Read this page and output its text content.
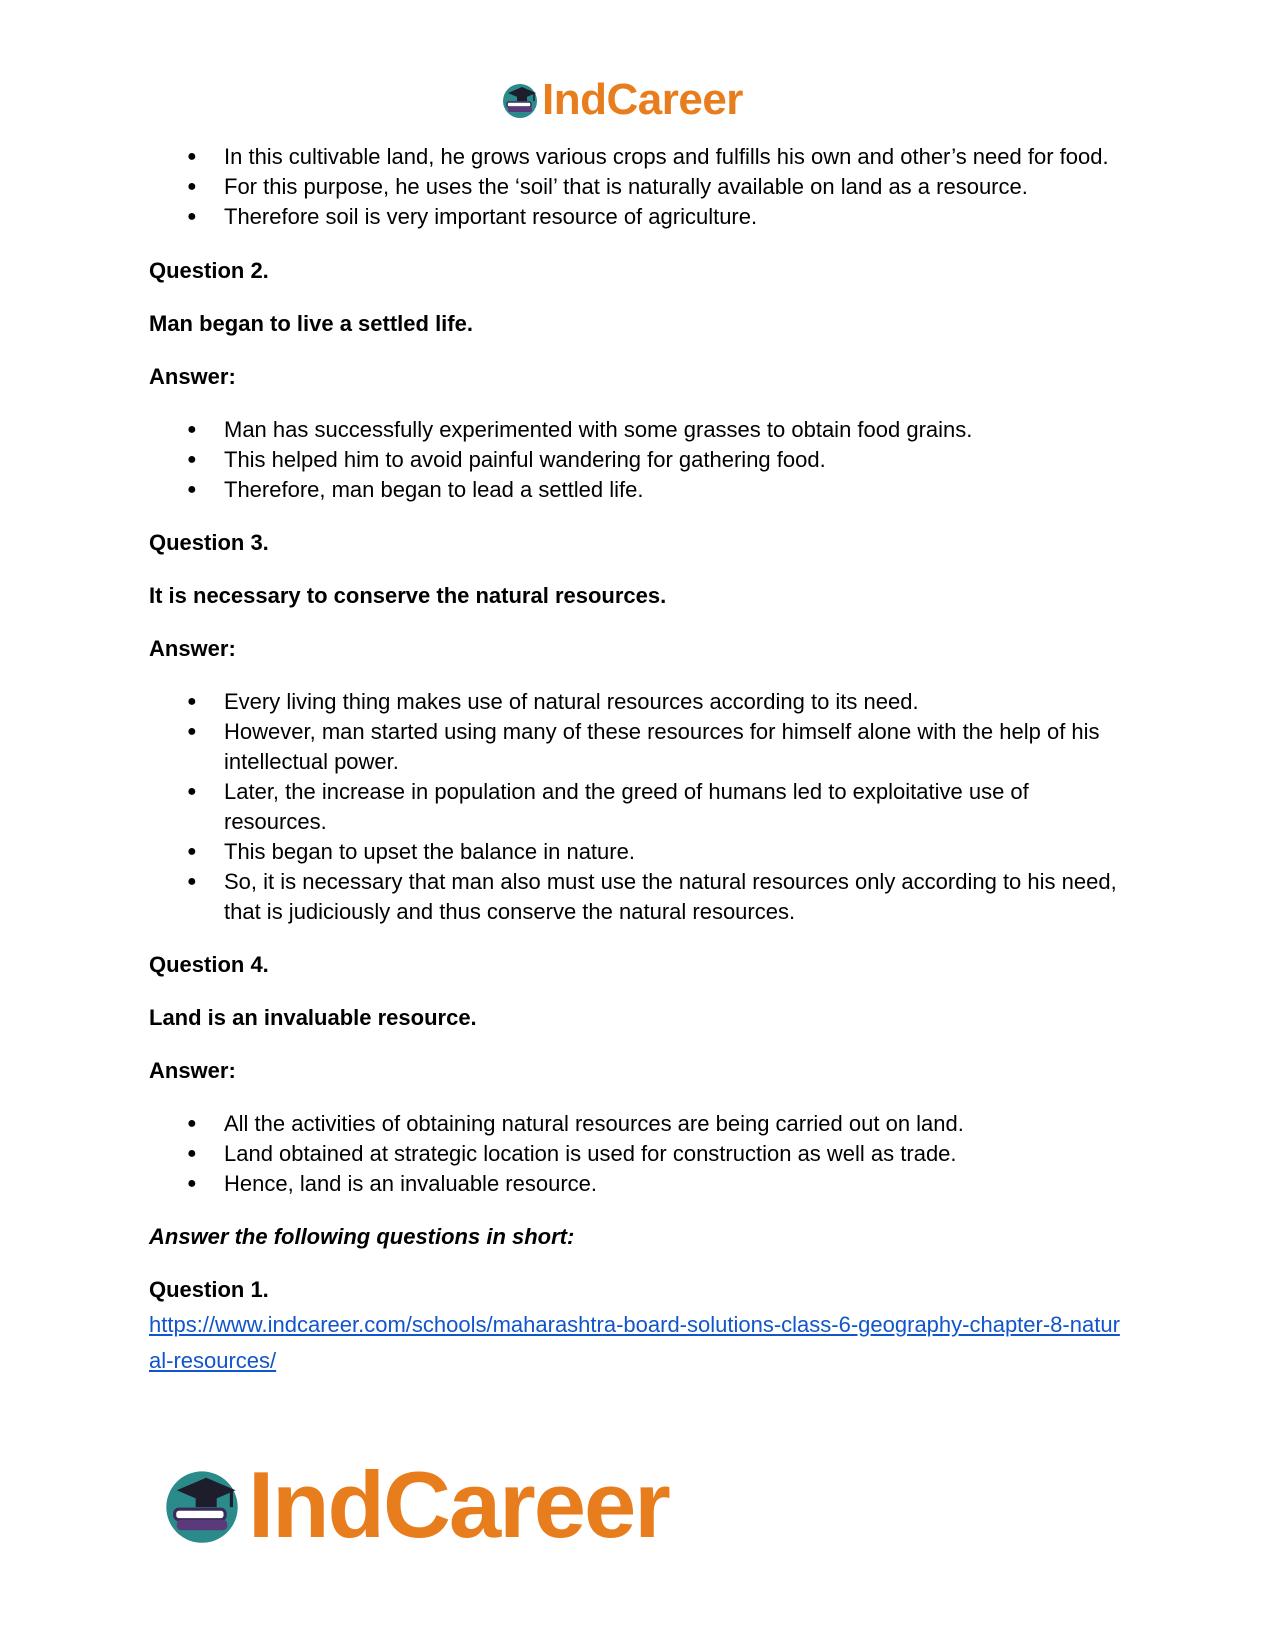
IndCareer
● In this cultivable land, he grows various crops and fulfills his own and other’s need for food.
● For this purpose, he uses the ‘soil’ that is naturally available on land as a resource.
● Therefore soil is very important resource of agriculture.
Question 2.
Man began to live a settled life.
Answer:
● Man has successfully experimented with some grasses to obtain food grains.
● This helped him to avoid painful wandering for gathering food.
● Therefore, man began to lead a settled life.
Question 3.
It is necessary to conserve the natural resources.
Answer:
● Every living thing makes use of natural resources according to its need.
● However, man started using many of these resources for himself alone with the help of his intellectual power.
● Later, the increase in population and the greed of humans led to exploitative use of resources.
● This began to upset the balance in nature.
● So, it is necessary that man also must use the natural resources only according to his need, that is judiciously and thus conserve the natural resources.
Question 4.
Land is an invaluable resource.
Answer:
● All the activities of obtaining natural resources are being carried out on land.
● Land obtained at strategic location is used for construction as well as trade.
● Hence, land is an invaluable resource.
Answer the following questions in short:
Question 1.
https://www.indcareer.com/schools/maharashtra-board-solutions-class-6-geography-chapter-8-natural-resources/
IndCareer
